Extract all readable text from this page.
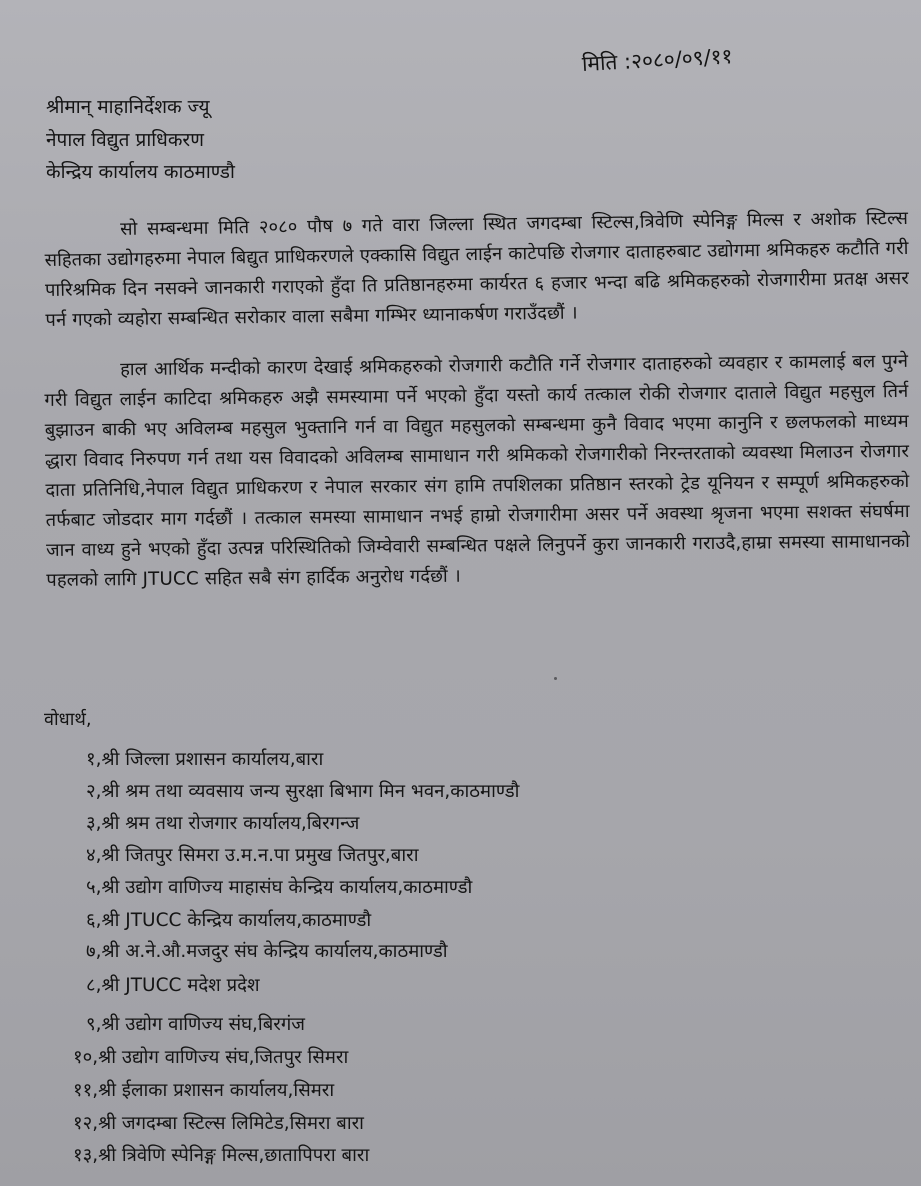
मिति :२०८०/०९/११
श्रीमान् माहानिर्देशक ज्यू
नेपाल विद्युत प्राधिकरण
केन्द्रिय कार्यालय काठमाण्डौ

सो सम्बन्धमा मिति २०८० पौष ७ गते वारा जिल्ला स्थित जगदम्बा स्टिल्स,त्रिवेणि स्पेनिङ्ग मिल्स र अशोक स्टिल्स सहितका उद्योगहरुमा नेपाल बिद्युत प्राधिकरणले एक्कासि विद्युत लाईन काटेपछि रोजगार दाताहरुबाट उद्योगमा श्रमिकहरु कटौति गरी पारिश्रमिक दिन नसक्ने जानकारी गराएको हुँदा ति प्रतिष्ठानहरुमा कार्यरत ६ हजार भन्दा बढि श्रमिकहरुको रोजगारीमा प्रतक्ष असर पर्न गएको व्यहोरा सम्बन्धित सरोकार वाला सबैमा गम्भिर ध्यानाकर्षण गराउँदछौं ।

हाल आर्थिक मन्दीको कारण देखाई श्रमिकहरुको रोजगारी कटौति गर्ने रोजगार दाताहरुको व्यवहार र कामलाई बल पुग्ने गरी विद्युत लाईन काटिदा श्रमिकहरु अझै समस्यामा पर्ने भएको हुँदा यस्तो कार्य तत्काल रोकी रोजगार दाताले विद्युत महसुल तिर्न बुझाउन बाकी भए अविलम्ब महसुल भुक्तानि गर्न वा विद्युत महसुलको सम्बन्धमा कुनै विवाद भएमा कानुनि र छलफलको माध्यम द्धारा विवाद निरुपण गर्न तथा यस विवादको अविलम्ब सामाधान गरी श्रमिकको रोजगारीको निरन्तरताको व्यवस्था मिलाउन रोजगार दाता प्रतिनिधि,नेपाल विद्युत प्राधिकरण र नेपाल सरकार संग हामि तपशिलका प्रतिष्ठान स्तरको ट्रेड यूनियन र सम्पूर्ण श्रमिकहरुको तर्फबाट जोडदार माग गर्दछौं । तत्काल समस्या सामाधान नभई हाम्रो रोजगारीमा असर पर्ने अवस्था श्रृजना भएमा सशक्त संघर्षमा जान वाध्य हुने भएको हुँदा उत्पन्न परिस्थितिको जिम्वेवारी सम्बन्धित पक्षले लिनुपर्ने कुरा जानकारी गराउदै,हाम्रा समस्या सामाधानको पहलको लागि JTUCC सहित सबै संग हार्दिक अनुरोध गर्दछौं ।

वोधार्थ,
१,श्री जिल्ला प्रशासन कार्यालय,बारा
२,श्री श्रम तथा व्यवसाय जन्य सुरक्षा बिभाग मिन भवन,काठमाण्डौ
३,श्री श्रम तथा रोजगार कार्यालय,बिरगन्ज
४,श्री जितपुर सिमरा उ.म.न.पा प्रमुख जितपुर,बारा
५,श्री उद्योग वाणिज्य माहासंघ केन्द्रिय कार्यालय,काठमाण्डौ
६,श्री JTUCC केन्द्रिय कार्यालय,काठमाण्डौ
७,श्री अ.ने.औ.मजदुर संघ केन्द्रिय कार्यालय,काठमाण्डौ
८,श्री JTUCC मदेश प्रदेश
९,श्री उद्योग वाणिज्य संघ,बिरगंज
१०,श्री उद्योग वाणिज्य संघ,जितपुर सिमरा
११,श्री ईलाका प्रशासन कार्यालय,सिमरा
१२,श्री जगदम्बा स्टिल्स लिमिटेड,सिमरा बारा
१३,श्री त्रिवेणि स्पेनिङ्ग मिल्स,छातापिपरा बारा
